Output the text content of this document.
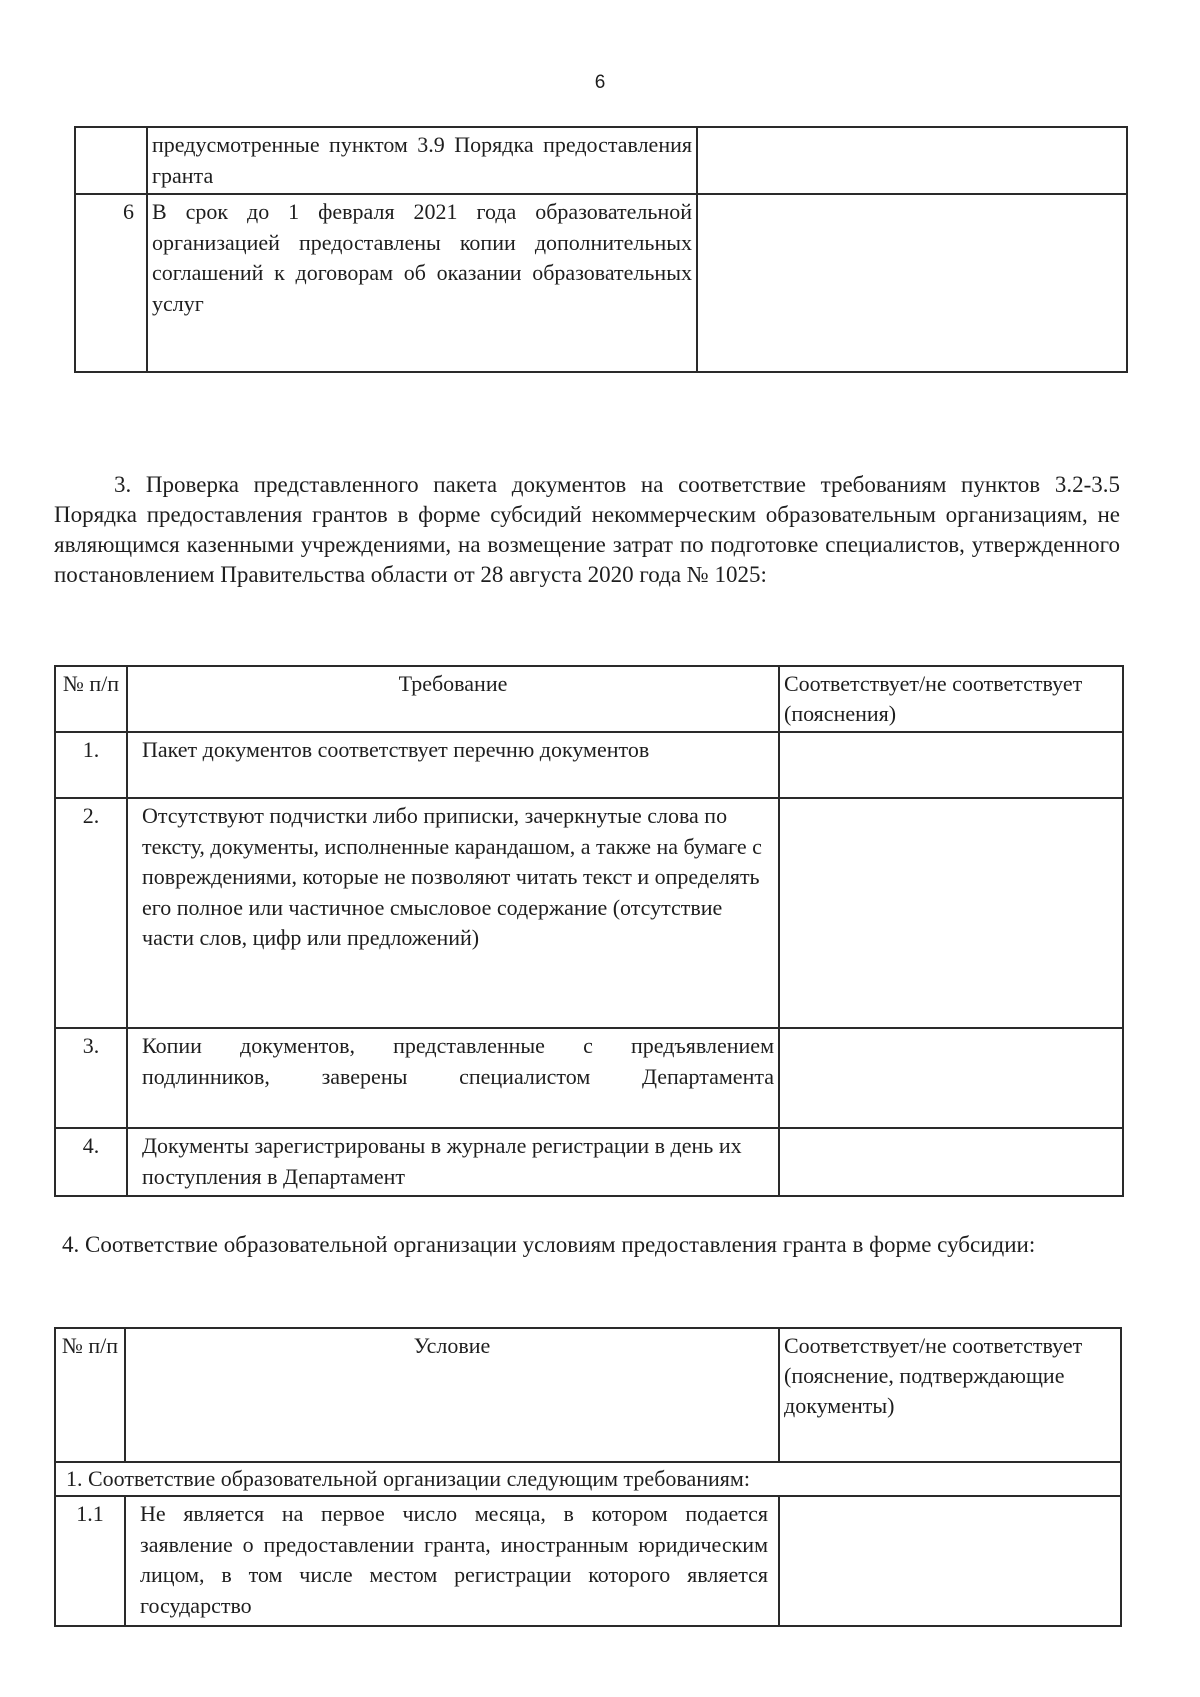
6
	предусмотренные пунктом 3.9 Порядка предоставления гранта	
6	В срок до 1 февраля 2021 года образовательной организацией предоставлены копии дополнительных соглашений к договорам об оказании образовательных услуг	
3. Проверка представленного пакета документов на соответствие требованиям пунктов 3.2-3.5 Порядка предоставления грантов в форме субсидий некоммерческим образовательным организациям, не являющимся казенными учреждениями, на возмещение затрат по подготовке специалистов, утвержденного постановлением Правительства области от 28 августа 2020 года № 1025:
№ п/п	Требование	Соответствует/не соответствует (пояснения)
1.	Пакет документов соответствует перечню документов	
2.	Отсутствуют подчистки либо приписки, зачеркнутые слова по тексту, документы, исполненные карандашом, а также на бумаге с повреждениями, которые не позволяют читать текст и определять его полное или частичное смысловое содержание (отсутствие части слов, цифр или предложений)	
3.	Копии документов, представленные с предъявлением подлинников, заверены специалистом Департамента	
4.	Документы зарегистрированы в журнале регистрации в день их поступления в Департамент	
4. Соответствие образовательной организации условиям предоставления гранта в форме субсидии:
№ п/п	Условие	Соответствует/не соответствует (пояснение, подтверждающие документы)
1. Соответствие образовательной организации следующим требованиям:		
1.1	Не является на первое число месяца, в котором подается заявление о предоставлении гранта, иностранным юридическим лицом, в том числе местом регистрации которого является государство	
